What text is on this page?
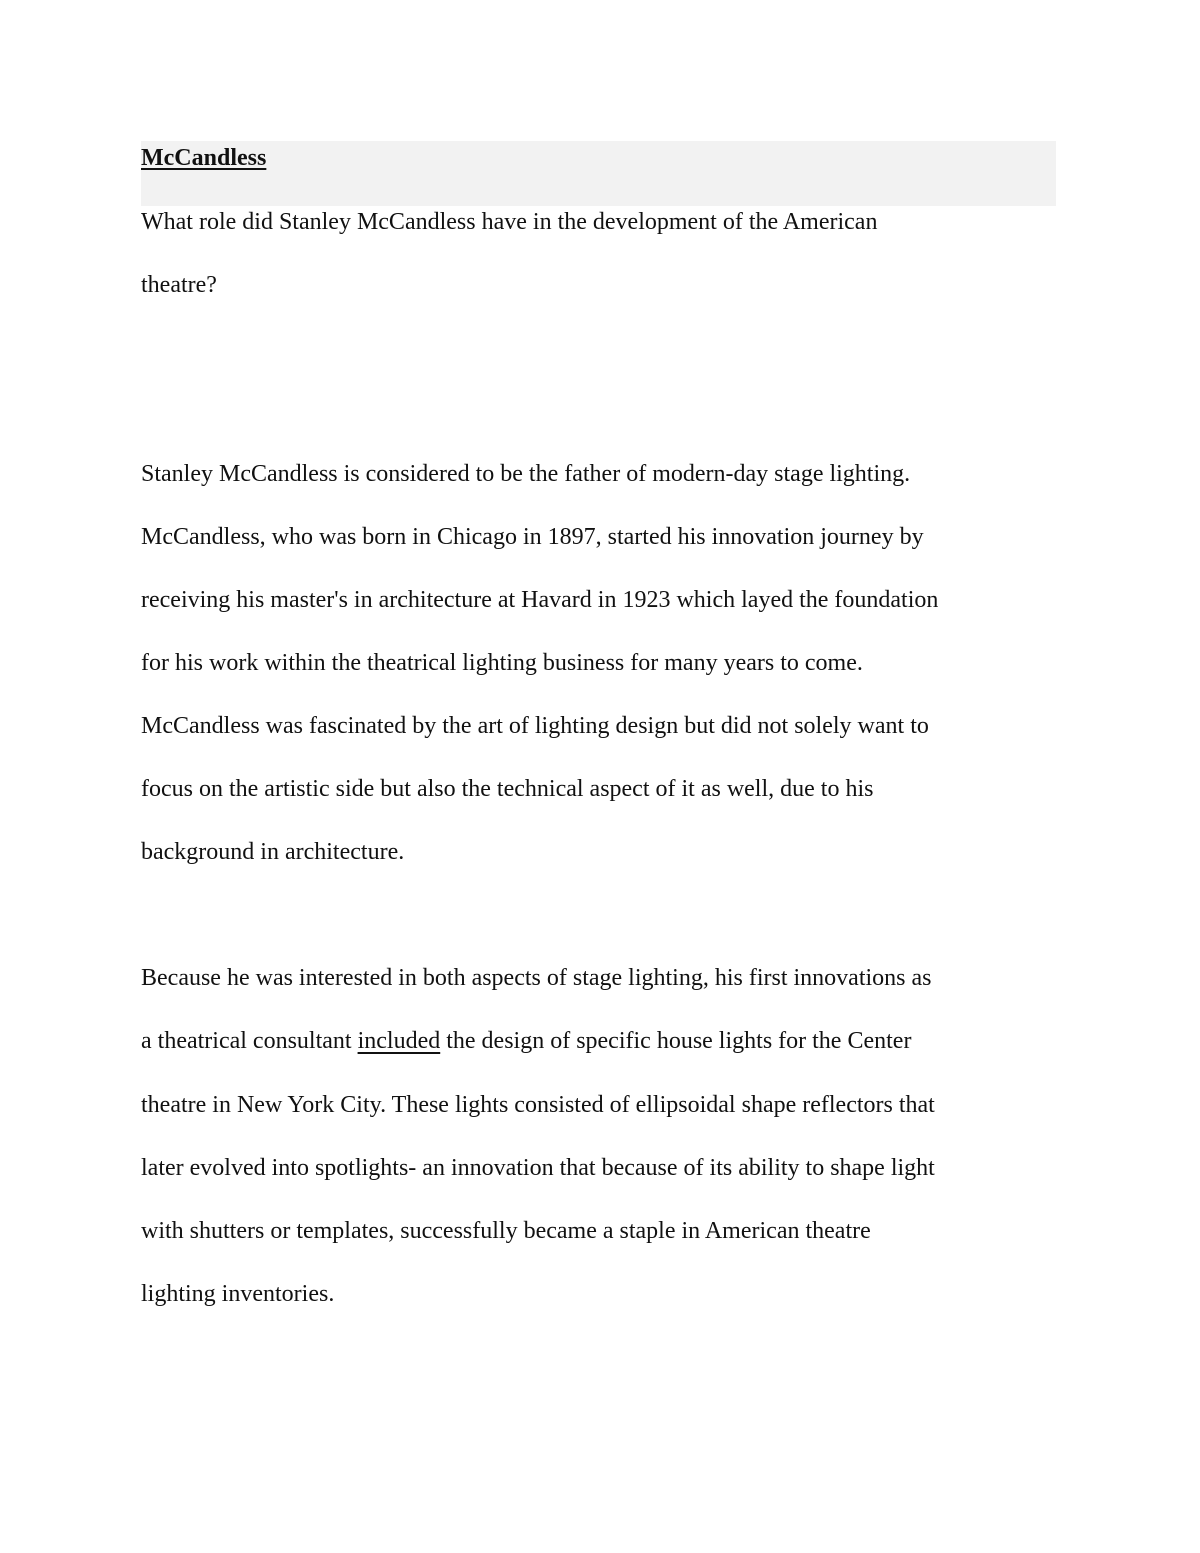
McCandless

What role did Stanley McCandless have in the development of the American

theatre?

Stanley McCandless is considered to be the father of modern-day stage lighting.

McCandless, who was born in Chicago in 1897, started his innovation journey by

receiving his master's in architecture at Havard in 1923 which layed the foundation

for his work within the theatrical lighting business for many years to come.

McCandless was fascinated by the art of lighting design but did not solely want to

focus on the artistic side but also the technical aspect of it as well, due to his

background in architecture.

Because he was interested in both aspects of stage lighting, his first innovations as

a theatrical consultant included the design of specific house lights for the Center

theatre in New York City. These lights consisted of ellipsoidal shape reflectors that

later evolved into spotlights- an innovation that because of its ability to shape light

with shutters or templates, successfully became a staple in American theatre

lighting inventories.
